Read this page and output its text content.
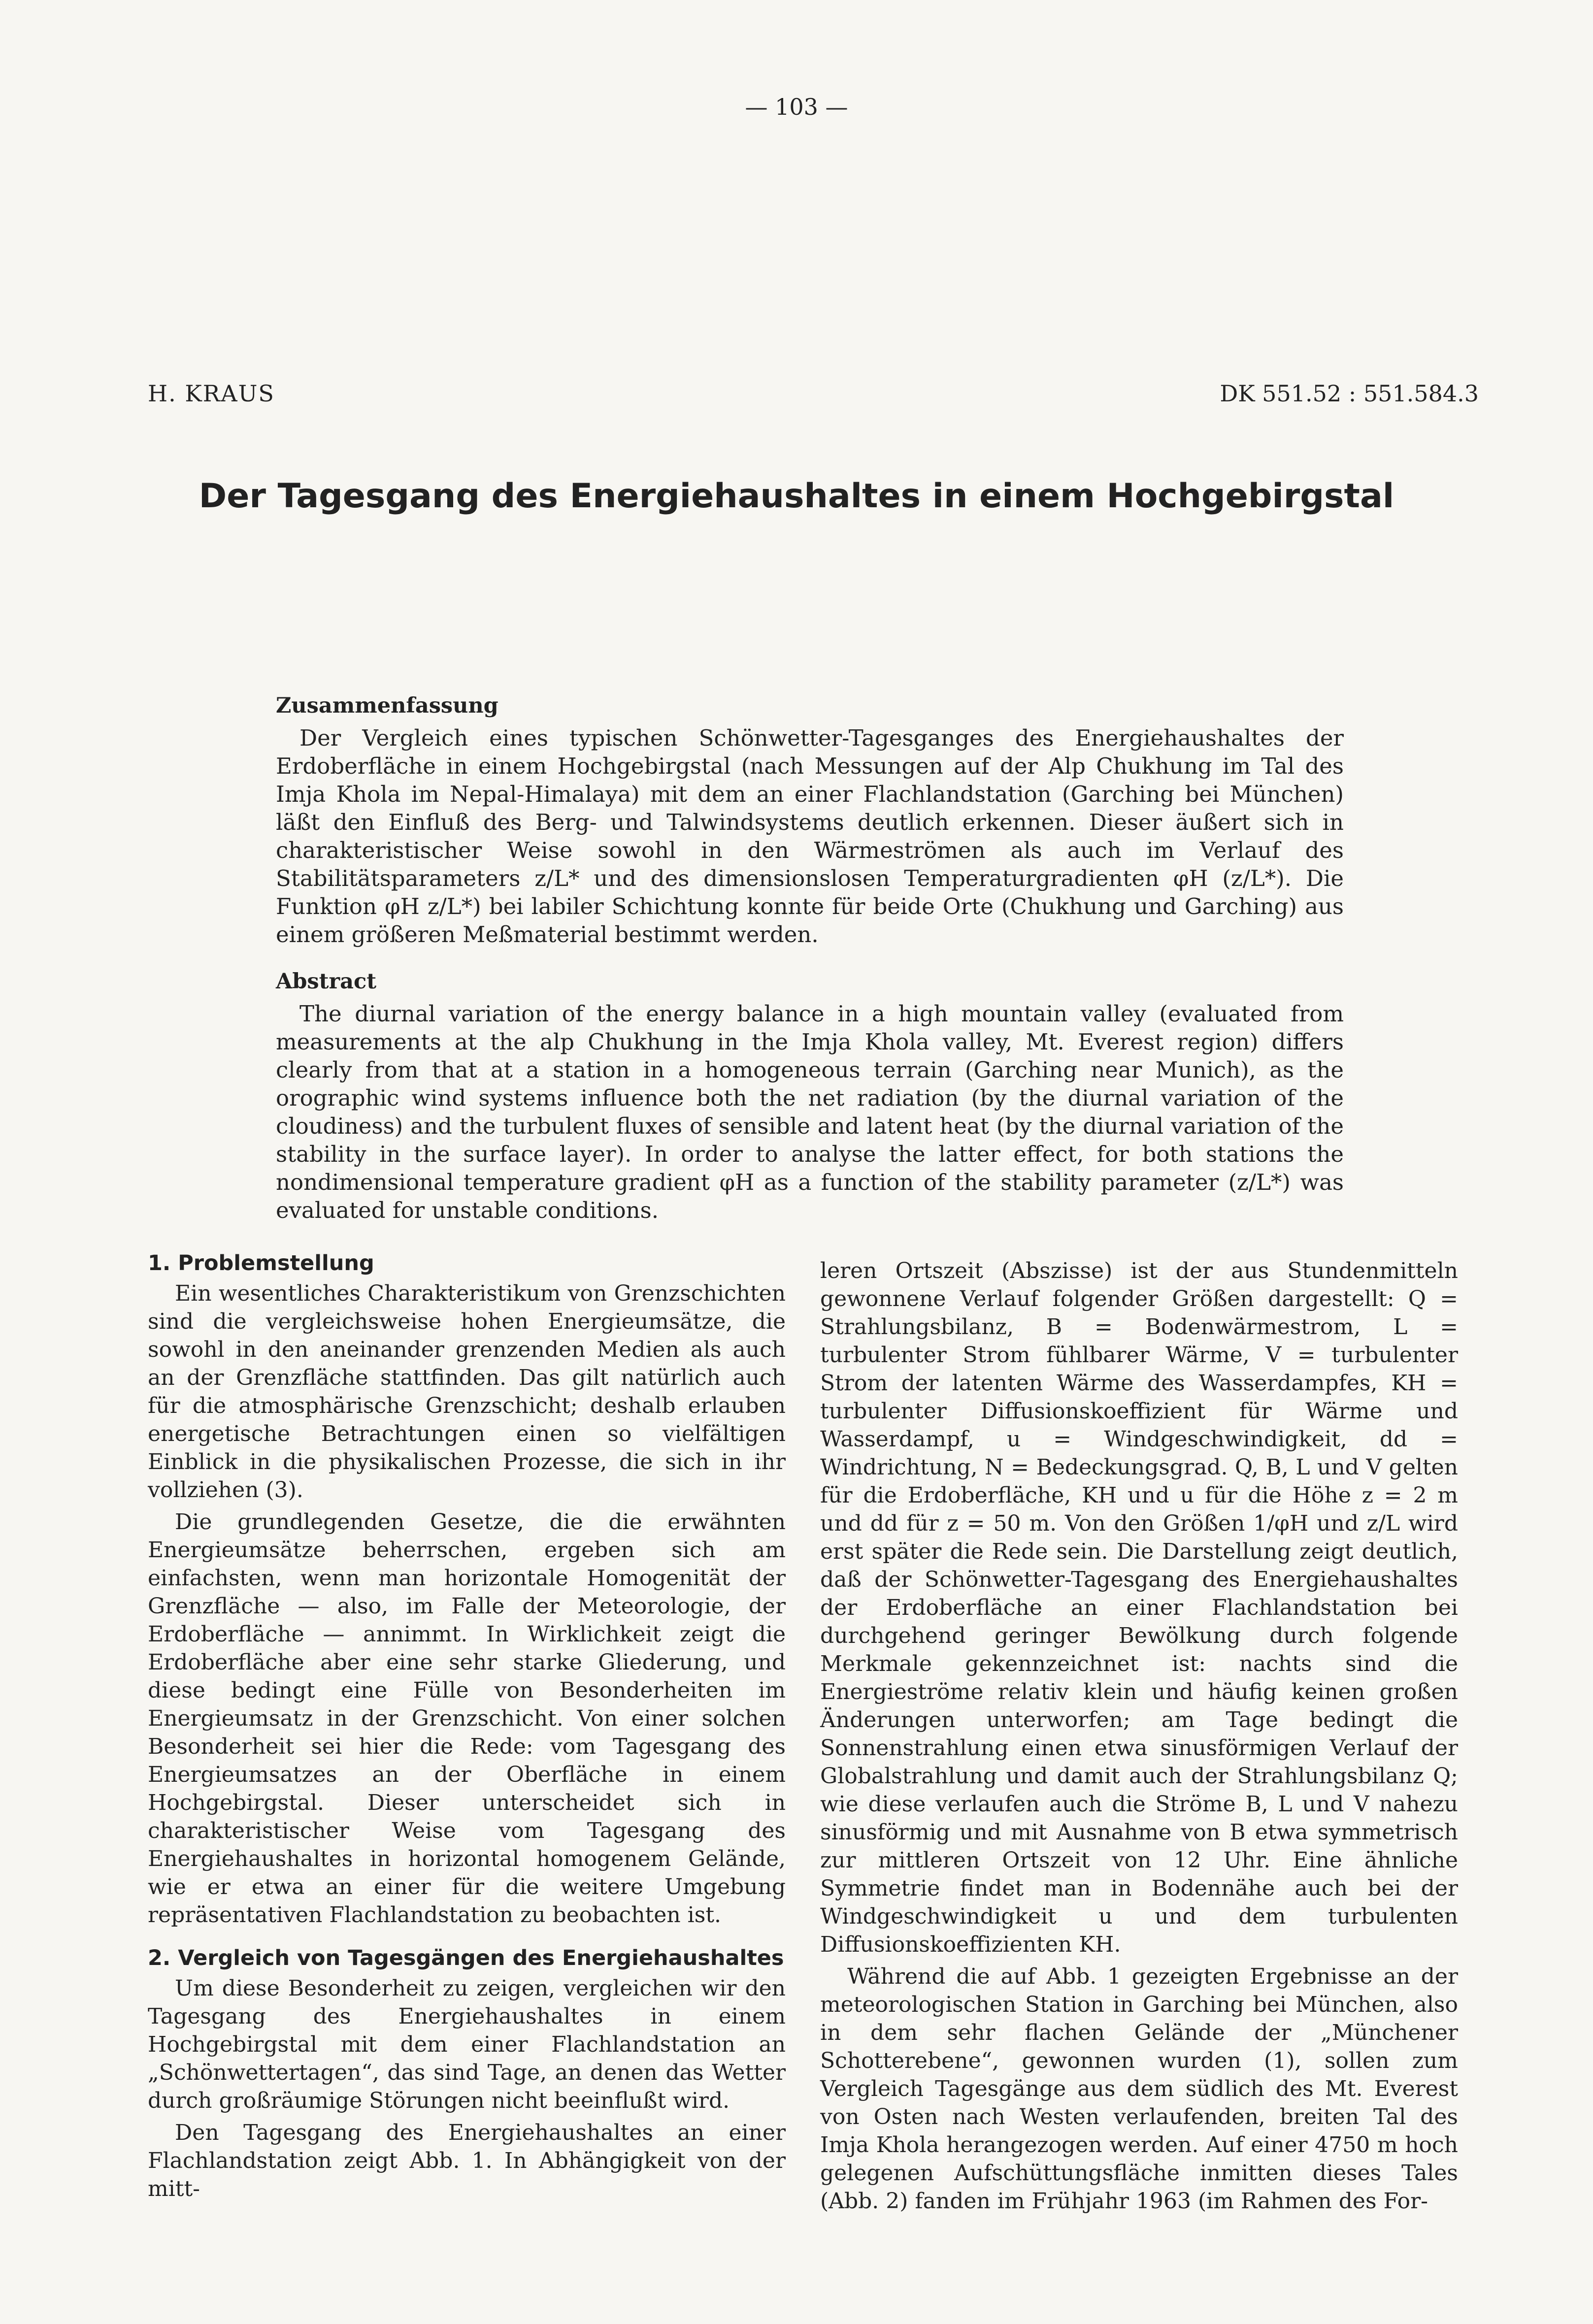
— 103 —
H. KRAUS	DK 551.52 : 551.584.3
Der Tagesgang des Energiehaushaltes in einem Hochgebirgstal
Zusammenfassung

Der Vergleich eines typischen Schönwetter-Tagesganges des Energiehaushaltes der Erdoberfläche in einem Hochgebirgstal (nach Messungen auf der Alp Chukhung im Tal des Imja Khola im Nepal-Himalaya) mit dem an einer Flachlandstation (Garching bei München) läßt den Einfluß des Berg- und Talwindsystems deutlich erkennen. Dieser äußert sich in charakteristischer Weise sowohl in den Wärmeströmen als auch im Verlauf des Stabilitätsparameters z/L* und des dimensionslosen Temperaturgradienten φH (z/L*). Die Funktion φH z/L*) bei labiler Schichtung konnte für beide Orte (Chukhung und Garching) aus einem größeren Meßmaterial bestimmt werden.

Abstract

The diurnal variation of the energy balance in a high mountain valley (evaluated from measurements at the alp Chukhung in the Imja Khola valley, Mt. Everest region) differs clearly from that at a station in a homogeneous terrain (Garching near Munich), as the orographic wind systems influence both the net radiation (by the diurnal variation of the cloudiness) and the turbulent fluxes of sensible and latent heat (by the diurnal variation of the stability in the surface layer). In order to analyse the latter effect, for both stations the nondimensional temperature gradient φH as a function of the stability parameter (z/L*) was evaluated for unstable conditions.

1. Problemstellung

Ein wesentliches Charakteristikum von Grenzschichten sind die vergleichsweise hohen Energieumsätze, die sowohl in den aneinander grenzenden Medien als auch an der Grenzfläche stattfinden. Das gilt natürlich auch für die atmosphärische Grenzschicht; deshalb erlauben energetische Betrachtungen einen so vielfältigen Einblick in die physikalischen Prozesse, die sich in ihr vollziehen (3).

Die grundlegenden Gesetze, die die erwähnten Energieumsätze beherrschen, ergeben sich am einfachsten, wenn man horizontale Homogenität der Grenzfläche — also, im Falle der Meteorologie, der Erdoberfläche — annimmt. In Wirklichkeit zeigt die Erdoberfläche aber eine sehr starke Gliederung, und diese bedingt eine Fülle von Besonderheiten im Energieumsatz in der Grenzschicht. Von einer solchen Besonderheit sei hier die Rede: vom Tagesgang des Energieumsatzes an der Oberfläche in einem Hochgebirgstal. Dieser unterscheidet sich in charakteristischer Weise vom Tagesgang des Energiehaushaltes in horizontal homogenem Gelände, wie er etwa an einer für die weitere Umgebung repräsentativen Flachlandstation zu beobachten ist.

2. Vergleich von Tagesgängen des Energiehaushaltes

Um diese Besonderheit zu zeigen, vergleichen wir den Tagesgang des Energiehaushaltes in einem Hochgebirgstal mit dem einer Flachlandstation an „Schönwettertagen“, das sind Tage, an denen das Wetter durch großräumige Störungen nicht beeinflußt wird.

Den Tagesgang des Energiehaushaltes an einer Flachlandstation zeigt Abb. 1. In Abhängigkeit von der mitt-

leren Ortszeit (Abszisse) ist der aus Stundenmitteln gewonnene Verlauf folgender Größen dargestellt: Q = Strahlungsbilanz, B = Bodenwärmestrom, L = turbulenter Strom fühlbarer Wärme, V = turbulenter Strom der latenten Wärme des Wasserdampfes, KH = turbulenter Diffusionskoeffizient für Wärme und Wasserdampf, u = Windgeschwindigkeit, dd = Windrichtung, N = Bedeckungsgrad. Q, B, L und V gelten für die Erdoberfläche, KH und u für die Höhe z = 2 m und dd für z = 50 m. Von den Größen 1/φH und z/L wird erst später die Rede sein. Die Darstellung zeigt deutlich, daß der Schönwetter-Tagesgang des Energiehaushaltes der Erdoberfläche an einer Flachlandstation bei durchgehend geringer Bewölkung durch folgende Merkmale gekennzeichnet ist: nachts sind die Energieströme relativ klein und häufig keinen großen Änderungen unterworfen; am Tage bedingt die Sonnenstrahlung einen etwa sinusförmigen Verlauf der Globalstrahlung und damit auch der Strahlungsbilanz Q; wie diese verlaufen auch die Ströme B, L und V nahezu sinusförmig und mit Ausnahme von B etwa symmetrisch zur mittleren Ortszeit von 12 Uhr. Eine ähnliche Symmetrie findet man in Bodennähe auch bei der Windgeschwindigkeit u und dem turbulenten Diffusionskoeffizienten KH.

Während die auf Abb. 1 gezeigten Ergebnisse an der meteorologischen Station in Garching bei München, also in dem sehr flachen Gelände der „Münchener Schotterebene“, gewonnen wurden (1), sollen zum Vergleich Tagesgänge aus dem südlich des Mt. Everest von Osten nach Westen verlaufenden, breiten Tal des Imja Khola herangezogen werden. Auf einer 4750 m hoch gelegenen Aufschüttungsfläche inmitten dieses Tales (Abb. 2) fanden im Frühjahr 1963 (im Rahmen des For-
